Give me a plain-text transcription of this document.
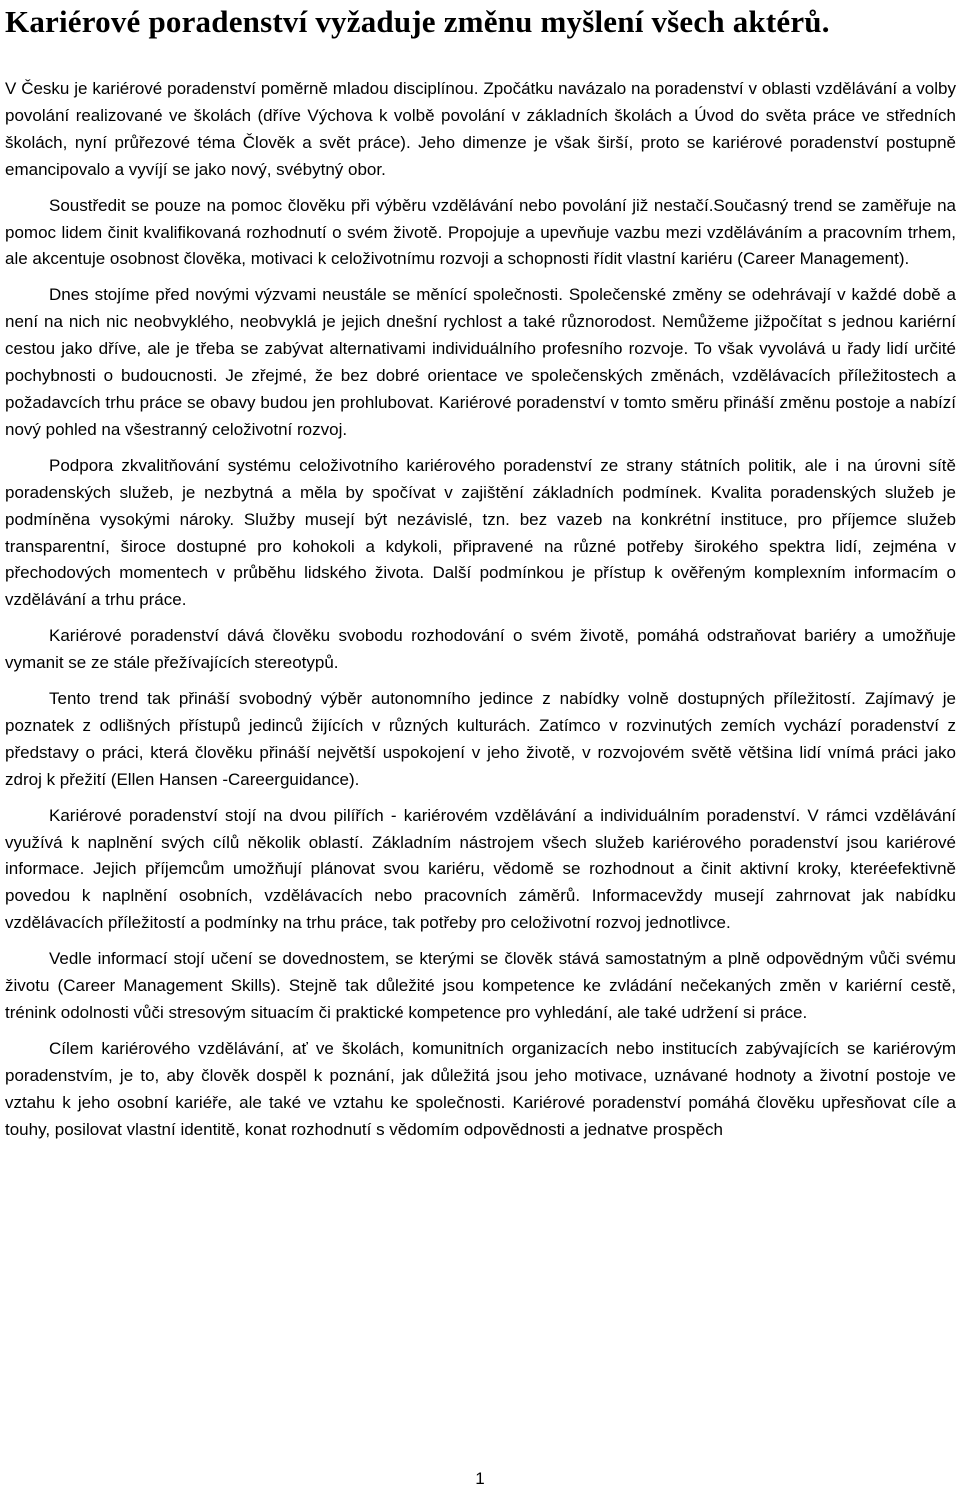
Kariérové poradenství vyžaduje změnu myšlení všech aktérů.

V Česku je kariérové poradenství poměrně mladou disciplínou. Zpočátku navázalo na poradenství v oblasti vzdělávání a volby povolání realizované ve školách (dříve Výchova k volbě povolání v základních školách a Úvod do světa práce ve středních školách, nyní průřezové téma Člověk a svět práce). Jeho dimenze je však širší, proto se kariérové poradenství postupně emancipovalo a vyvíjí se jako nový, svébytný obor.

Soustředit se pouze na pomoc člověku při výběru vzdělávání nebo povolání již nestačí.Současný trend se zaměřuje na pomoc lidem činit kvalifikovaná rozhodnutí o svém životě. Propojuje a upevňuje vazbu mezi vzděláváním a pracovním trhem, ale akcentuje osobnost člověka, motivaci k celoživotnímu rozvoji a schopnosti řídit vlastní kariéru (Career Management).

Dnes stojíme před novými výzvami neustále se měnící společnosti. Společenské změny se odehrávají v každé době a není na nich nic neobvyklého, neobvyklá je jejich dnešní rychlost a také různorodost. Nemůžeme jižpočítat s jednou kariérní cestou jako dříve, ale je třeba se zabývat alternativami individuálního profesního rozvoje. To však vyvolává u řady lidí určité pochybnosti o budoucnosti. Je zřejmé, že bez dobré orientace ve společenských změnách, vzdělávacích příležitostech a požadavcích trhu práce se obavy budou jen prohlubovat. Kariérové poradenství v tomto směru přináší změnu postoje a nabízí nový pohled na všestranný celoživotní rozvoj.

Podpora zkvalitňování systému celoživotního kariérového poradenství ze strany státních politik, ale i na úrovni sítě poradenských služeb, je nezbytná a měla by spočívat v zajištění základních podmínek. Kvalita poradenských služeb je podmíněna vysokými nároky. Služby musejí být nezávislé, tzn. bez vazeb na konkrétní instituce, pro příjemce služeb transparentní, široce dostupné pro kohokoli a kdykoli, připravené na různé potřeby širokého spektra lidí, zejména v přechodových momentech v průběhu lidského života. Další podmínkou je přístup k ověřeným komplexním informacím o vzdělávání a trhu práce.

Kariérové poradenství dává člověku svobodu rozhodování o svém životě, pomáhá odstraňovat bariéry a umožňuje vymanit se ze stále přežívajících stereotypů.

Tento trend tak přináší svobodný výběr autonomního jedince z nabídky volně dostupných příležitostí. Zajímavý je poznatek z odlišných přístupů jedinců žijících v různých kulturách. Zatímco v rozvinutých zemích vychází poradenství z představy o práci, která člověku přináší největší uspokojení v jeho životě, v rozvojovém světě většina lidí vnímá práci jako zdroj k přežití (Ellen Hansen -Careerguidance).

Kariérové poradenství stojí na dvou pilířích - kariérovém vzdělávání a individuálním poradenství. V rámci vzdělávání využívá k naplnění svých cílů několik oblastí. Základním nástrojem všech služeb kariérového poradenství jsou kariérové informace. Jejich příjemcům umožňují plánovat svou kariéru, vědomě se rozhodnout a činit aktivní kroky, kteréefektivně povedou k naplnění osobních, vzdělávacích nebo pracovních záměrů. Informacevždy musejí zahrnovat jak nabídku vzdělávacích příležitostí a podmínky na trhu práce, tak potřeby pro celoživotní rozvoj jednotlivce.

Vedle informací stojí učení se dovednostem, se kterými se člověk stává samostatným a plně odpovědným vůči svému životu (Career Management Skills). Stejně tak důležité jsou kompetence ke zvládání nečekaných změn v kariérní cestě, trénink odolnosti vůči stresovým situacím či praktické kompetence pro vyhledání, ale také udržení si práce.

Cílem kariérového vzdělávání, ať ve školách, komunitních organizacích nebo institucích zabývajících se kariérovým poradenstvím, je to, aby člověk dospěl k poznání, jak důležitá jsou jeho motivace, uznávané hodnoty a životní postoje ve vztahu k jeho osobní kariéře, ale také ve vztahu ke společnosti. Kariérové poradenství pomáhá člověku upřesňovat cíle a touhy, posilovat vlastní identitě, konat rozhodnutí s vědomím odpovědnosti a jednatve prospěch

1
